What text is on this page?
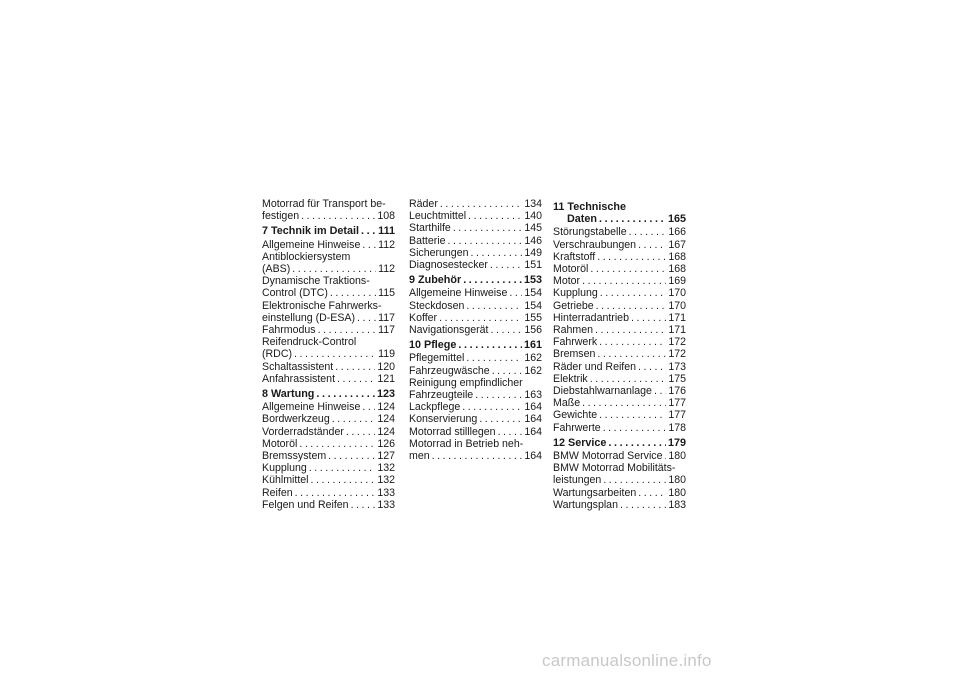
Motorrad für Transport be-
festigen . . .	108
7 Technik im Detail . . . 111
Allgemeine Hinweise . . . 112
Antiblockiersystem
(ABS) . . .	112
Dynamische Traktions-
Control (DTC) . . .	115
Elektronische Fahrwerks-
einstellung (D-ESA) . . . 117
Fahrmodus . . .	117
Reifendruck-Control
(RDC) . . .	119
Schaltassistent . . .	120
Anfahrassistent . . .	121
8 Wartung . . .	123
Allgemeine Hinweise . . . 124
Bordwerkzeug . . .	124
Vorderradständer . . .	124
Motoröl . . .	126
Bremssystem . . .	127
Kupplung . . .	132
Kühlmittel . . .	132
Reifen . . .	133
Felgen und Reifen . . .	133
Räder . . .	134
Leuchtmittel . . .	140
Starthilfe . . .	145
Batterie . . .	146
Sicherungen . . .	149
Diagnosestecker . . .	151
9 Zubehör . . .	153
Allgemeine Hinweise . . . 154
Steckdosen . . .	154
Koffer . . .	155
Navigationsgerät . . .	156
10 Pflege . . .	161
Pflegemittel . . .	162
Fahrzeugwäsche . . .	162
Reinigung empfindlicher
Fahrzeugteile . . .	163
Lackpflege . . .	164
Konservierung . . .	164
Motorrad stilllegen . . .	164
Motorrad in Betrieb neh-
men . . .	164
11 Technische
Daten . . .	165
Störungstabelle . . .	166
Verschraubungen . . .	167
Kraftstoff . . .	168
Motoröl . . .	168
Motor . . .	169
Kupplung . . .	170
Getriebe . . .	170
Hinterradantrieb . . .	171
Rahmen . . .	171
Fahrwerk . . .	172
Bremsen . . .	172
Räder und Reifen . . .	173
Elektrik . . .	175
Diebstahlwarnanlage . . . 176
Maße . . .	177
Gewichte . . .	177
Fahrwerte . . .	178
12 Service . . .	179
BMW Motorrad Service . . . 180
BMW Motorrad Mobilitäts-
leistungen . . .	180
Wartungsarbeiten . . .	180
Wartungsplan . . .	183
carmanualsonline.info
